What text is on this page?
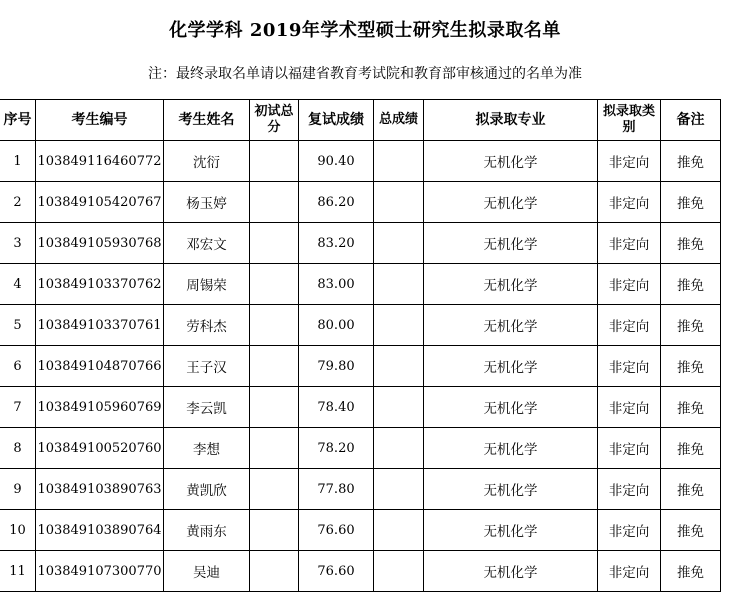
化学学科 2019年学术型硕士研究生拟录取名单
注：最终录取名单请以福建省教育考试院和教育部审核通过的名单为准
序号	考生编号	考生姓名	初试总分	复试成绩	总成绩	拟录取专业	拟录取类别	备注
1	103849116460772	沈衍		90.40		无机化学	非定向	推免
2	103849105420767	杨玉婷		86.20		无机化学	非定向	推免
3	103849105930768	邓宏文		83.20		无机化学	非定向	推免
4	103849103370762	周锡荣		83.00		无机化学	非定向	推免
5	103849103370761	劳科杰		80.00		无机化学	非定向	推免
6	103849104870766	王子汉		79.80		无机化学	非定向	推免
7	103849105960769	李云凯		78.40		无机化学	非定向	推免
8	103849100520760	李想		78.20		无机化学	非定向	推免
9	103849103890763	黄凯欣		77.80		无机化学	非定向	推免
10	103849103890764	黄雨东		76.60		无机化学	非定向	推免
11	103849107300770	吴迪		76.60		无机化学	非定向	推免
